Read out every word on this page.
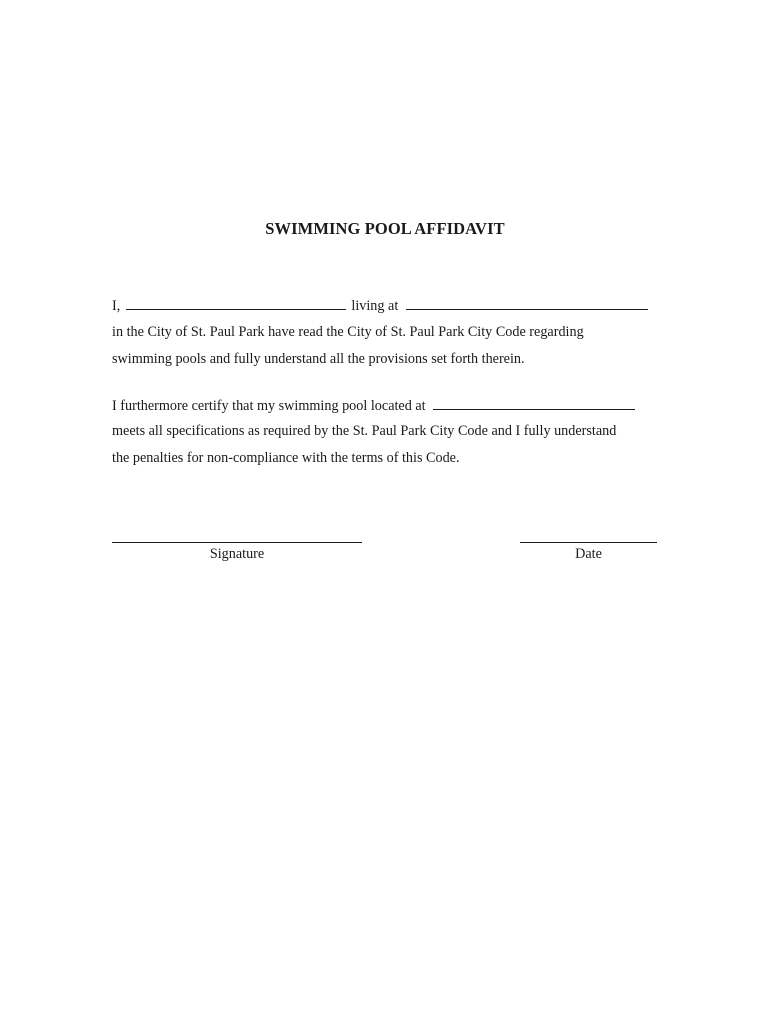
SWIMMING POOL AFFIDAVIT
I,	living at
in the City of St. Paul Park have read the City of St. Paul Park City Code regarding
swimming pools and fully understand all the provisions set forth therein.
I furthermore certify that my swimming pool located at
meets all specifications as required by the St. Paul Park City Code and I fully understand
the penalties for non-compliance with the terms of this Code.
Signature	Date
